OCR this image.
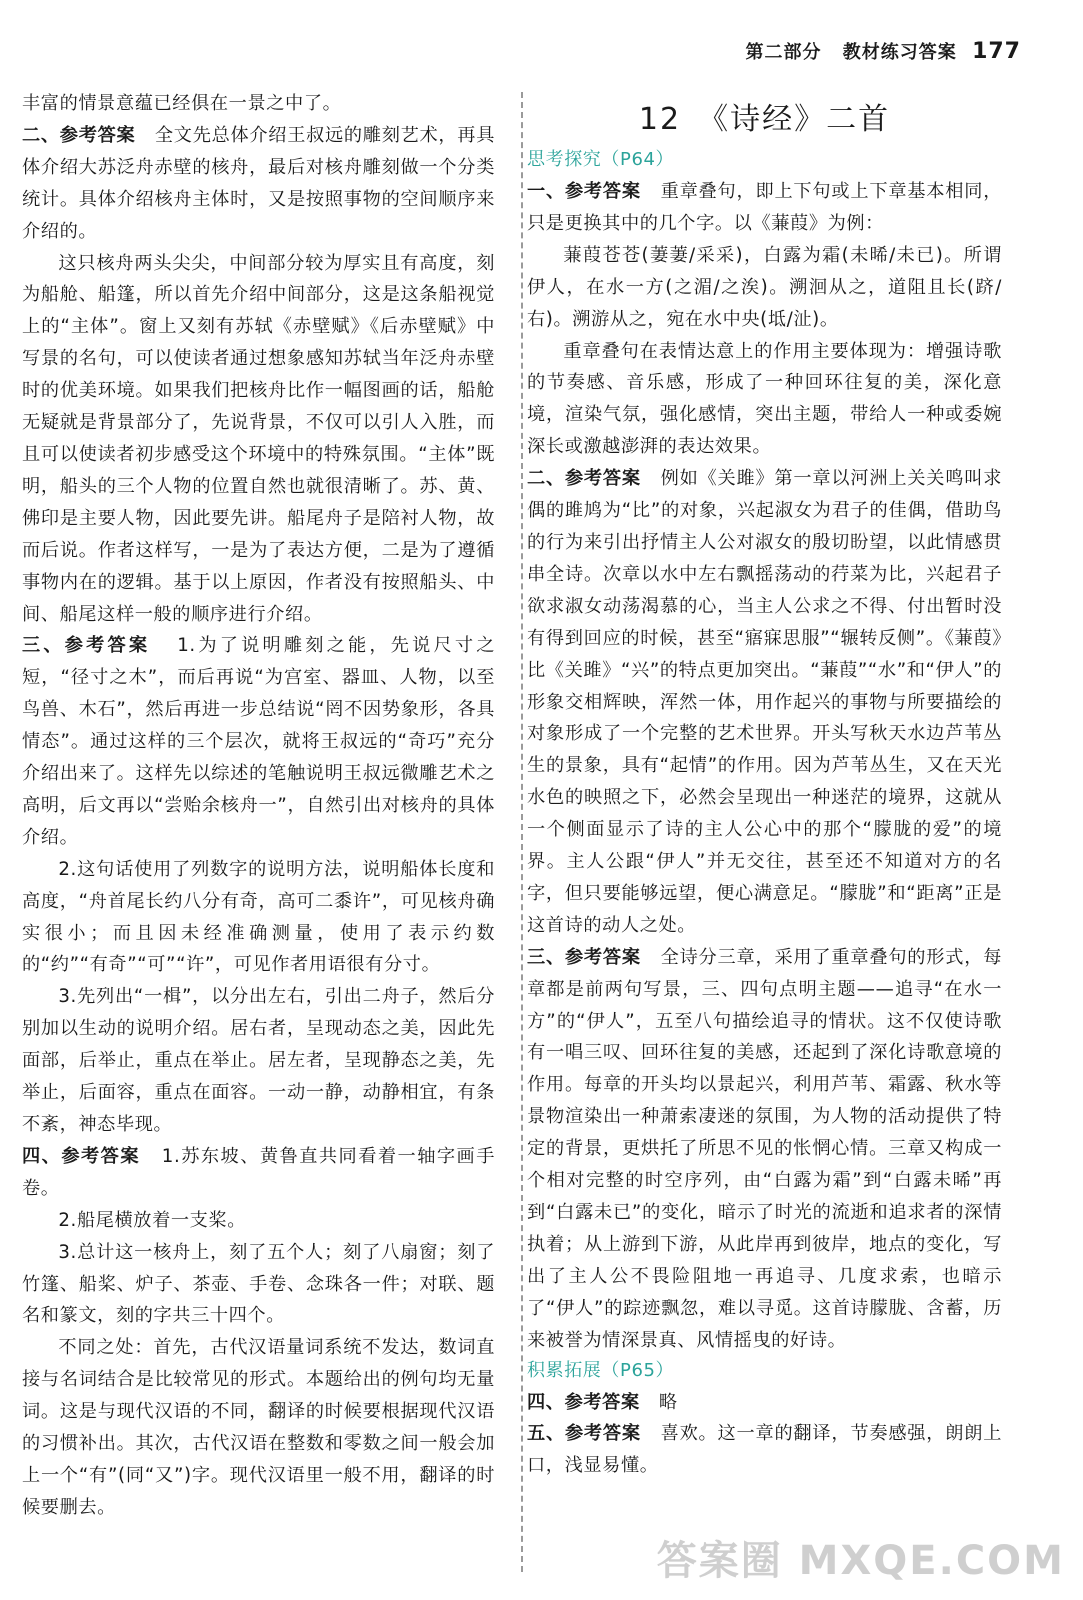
第二部分 教材练习答案 177

丰富的情景意蕴已经俱在一景之中了。

二、参考答案 全文先总体介绍王叔远的雕刻艺术，再具体介绍大苏泛舟赤壁的核舟，最后对核舟雕刻做一个分类统计。具体介绍核舟主体时，又是按照事物的空间顺序来介绍的。

这只核舟两头尖尖，中间部分较为厚实且有高度，刻为船舱、船篷，所以首先介绍中间部分，这是这条船视觉上的“主体”。窗上又刻有苏轼《赤壁赋》《后赤壁赋》中写景的名句，可以使读者通过想象感知苏轼当年泛舟赤壁时的优美环境。如果我们把核舟比作一幅图画的话，船舱无疑就是背景部分了，先说背景，不仅可以引人入胜，而且可以使读者初步感受这个环境中的特殊氛围。“主体”既明，船头的三个人物的位置自然也就很清晰了。苏、黄、佛印是主要人物，因此要先讲。船尾舟子是陪衬人物，故而后说。作者这样写，一是为了表达方便，二是为了遵循事物内在的逻辑。基于以上原因，作者没有按照船头、中间、船尾这样一般的顺序进行介绍。

三、参考答案 1.为了说明雕刻之能，先说尺寸之短，“径寸之木”，而后再说“为宫室、器皿、人物，以至鸟兽、木石”，然后再进一步总结说“罔不因势象形，各具情态”。通过这样的三个层次，就将王叔远的“奇巧”充分介绍出来了。这样先以综述的笔触说明王叔远微雕艺术之高明，后文再以“尝贻余核舟一”，自然引出对核舟的具体介绍。

2.这句话使用了列数字的说明方法，说明船体长度和高度，“舟首尾长约八分有奇，高可二黍许”，可见核舟确实很小；而且因未经准确测量，使用了表示约数的“约”“有奇”“可”“许”，可见作者用语很有分寸。

3.先列出“一楫”，以分出左右，引出二舟子，然后分别加以生动的说明介绍。居右者，呈现动态之美，因此先面部，后举止，重点在举止。居左者，呈现静态之美，先举止，后面容，重点在面容。一动一静，动静相宜，有条不紊，神态毕现。

四、参考答案 1.苏东坡、黄鲁直共同看着一轴字画手卷。

2.船尾横放着一支桨。

3.总计这一核舟上，刻了五个人；刻了八扇窗；刻了竹篷、船桨、炉子、茶壶、手卷、念珠各一件；对联、题名和篆文，刻的字共三十四个。

不同之处：首先，古代汉语量词系统不发达，数词直接与名词结合是比较常见的形式。本题给出的例句均无量词。这是与现代汉语的不同，翻译的时候要根据现代汉语的习惯补出。其次，古代汉语在整数和零数之间一般会加上一个“有”(同“又”)字。现代汉语里一般不用，翻译的时候要删去。

12　《诗经》二首
思考探究（P64）

一、参考答案 重章叠句，即上下句或上下章基本相同，只是更换其中的几个字。以《蒹葭》为例：

蒹葭苍苍(萋萋/采采)，白露为霜(未晞/未已)。所谓伊人，在水一方(之湄/之涘)。溯洄从之，道阻且长(跻/右)。溯游从之，宛在水中央(坻/沚)。

重章叠句在表情达意上的作用主要体现为：增强诗歌的节奏感、音乐感，形成了一种回环往复的美，深化意境，渲染气氛，强化感情，突出主题，带给人一种或委婉深长或激越澎湃的表达效果。

二、参考答案 例如《关雎》第一章以河洲上关关鸣叫求偶的雎鸠为“比”的对象，兴起淑女为君子的佳偶，借助鸟的行为来引出抒情主人公对淑女的殷切盼望，以此情感贯串全诗。次章以水中左右飘摇荡动的荇菜为比，兴起君子欲求淑女动荡渴慕的心，当主人公求之不得、付出暂时没有得到回应的时候，甚至“寤寐思服”“辗转反侧”。《蒹葭》比《关雎》“兴”的特点更加突出。“蒹葭”“水”和“伊人”的形象交相辉映，浑然一体，用作起兴的事物与所要描绘的对象形成了一个完整的艺术世界。开头写秋天水边芦苇丛生的景象，具有“起情”的作用。因为芦苇丛生，又在天光水色的映照之下，必然会呈现出一种迷茫的境界，这就从一个侧面显示了诗的主人公心中的那个“朦胧的爱”的境界。主人公跟“伊人”并无交往，甚至还不知道对方的名字，但只要能够远望，便心满意足。“朦胧”和“距离”正是这首诗的动人之处。

三、参考答案 全诗分三章，采用了重章叠句的形式，每章都是前两句写景，三、四句点明主题——追寻“在水一方”的“伊人”，五至八句描绘追寻的情状。这不仅使诗歌有一唱三叹、回环往复的美感，还起到了深化诗歌意境的作用。每章的开头均以景起兴，利用芦苇、霜露、秋水等景物渲染出一种萧索凄迷的氛围，为人物的活动提供了特定的背景，更烘托了所思不见的怅惘心情。三章又构成一个相对完整的时空序列，由“白露为霜”到“白露未晞”再到“白露未已”的变化，暗示了时光的流逝和追求者的深情执着；从上游到下游，从此岸再到彼岸，地点的变化，写出了主人公不畏险阻地一再追寻、几度求索，也暗示了“伊人”的踪迹飘忽，难以寻觅。这首诗朦胧、含蓄，历来被誉为情深景真、风情摇曳的好诗。

积累拓展（P65）

四、参考答案 略

五、参考答案 喜欢。这一章的翻译，节奏感强，朗朗上口，浅显易懂。

答案圈 MXQE.COM
